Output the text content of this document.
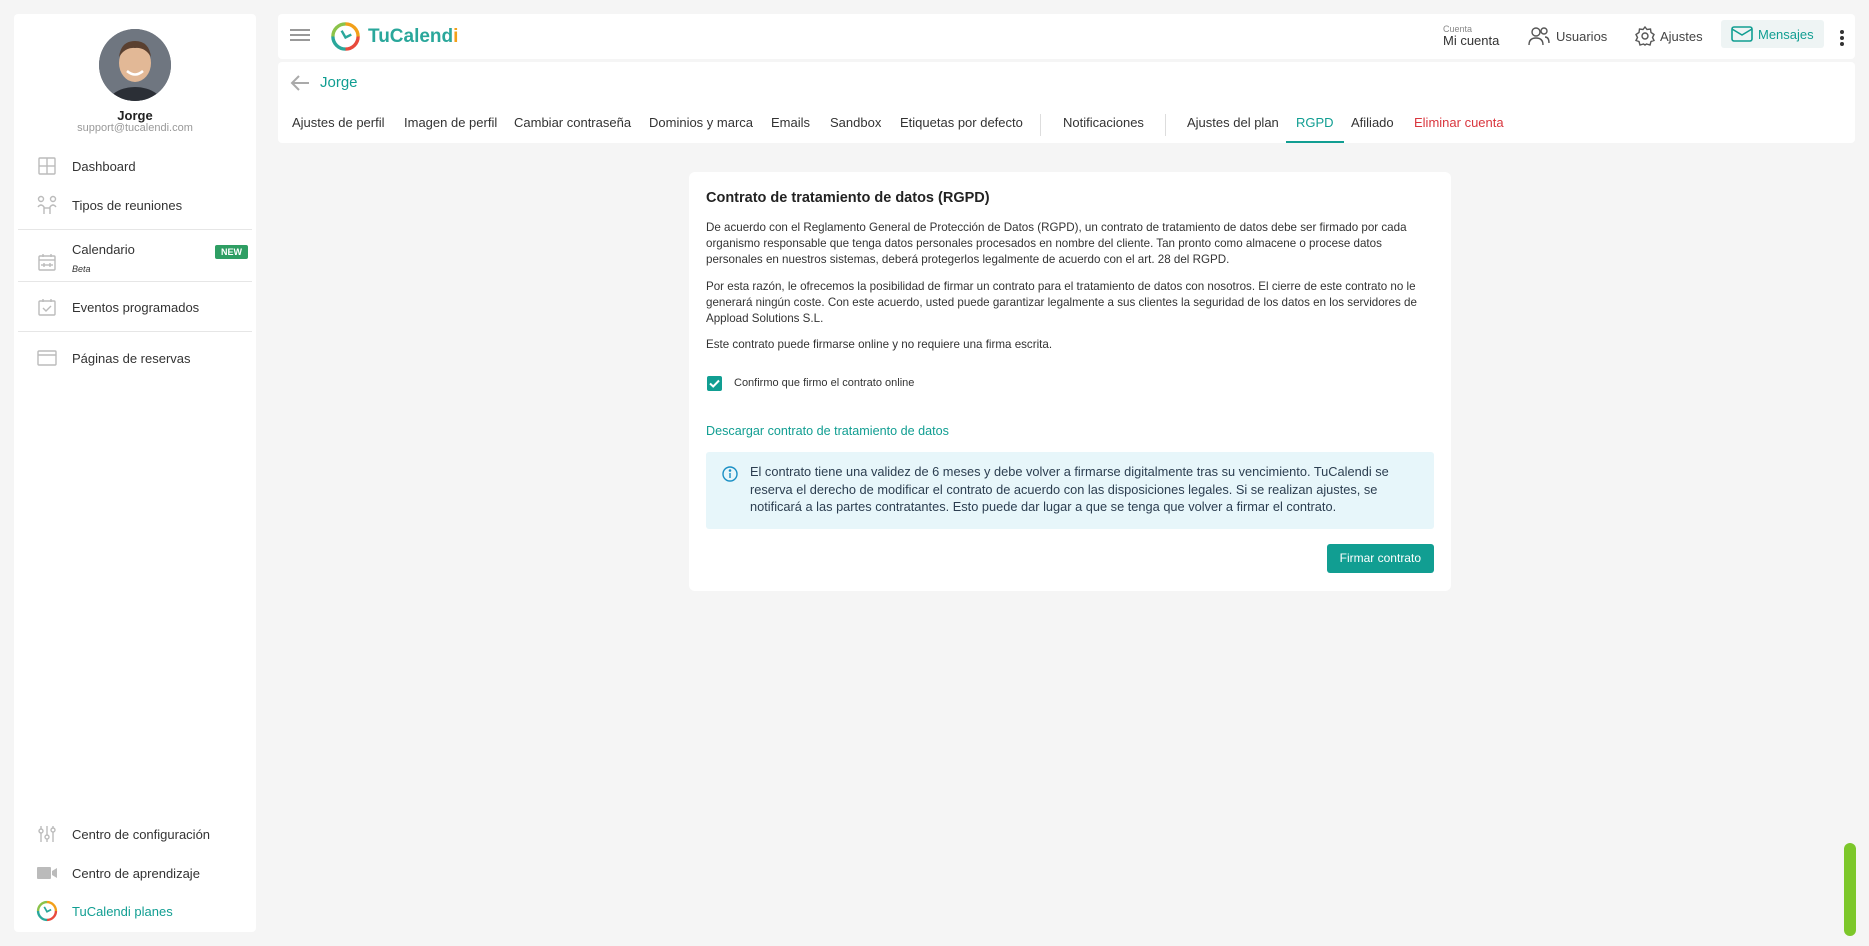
Jorge
support@tucalendi.com
Dashboard
Tipos de reuniones
Calendario
Beta
NEW
Eventos programados
Páginas de reservas
Centro de configuración
Centro de aprendizaje
TuCalendi planes
TuCalendi	Cuenta
Mi cuenta	Usuarios	Ajustes	Mensajes
Jorge
Ajustes de perfil Imagen de perfil Cambiar contraseña Dominios y marca Emails Sandbox Etiquetas por defecto	Notificaciones	Ajustes del plan	RGPD	Afiliado Eliminar cuenta
Contrato de tratamiento de datos (RGPD)

De acuerdo con el Reglamento General de Protección de Datos (RGPD), un contrato de tratamiento de datos debe ser firmado por cada organismo responsable que tenga datos personales procesados en nombre del cliente. Tan pronto como almacene o procese datos personales en nuestros sistemas, deberá protegerlos legalmente de acuerdo con el art. 28 del RGPD.

Por esta razón, le ofrecemos la posibilidad de firmar un contrato para el tratamiento de datos con nosotros. El cierre de este contrato no le generará ningún coste. Con este acuerdo, usted puede garantizar legalmente a sus clientes la seguridad de los datos en los servidores de Appload Solutions S.L.

Este contrato puede firmarse online y no requiere una firma escrita.

Confirmo que firmo el contrato online
Descargar contrato de tratamiento de datos
El contrato tiene una validez de 6 meses y debe volver a firmarse digitalmente tras su vencimiento. TuCalendi se reserva el derecho de modificar el contrato de acuerdo con las disposiciones legales. Si se realizan ajustes, se notificará a las partes contratantes. Esto puede dar lugar a que se tenga que volver a firmar el contrato.
Firmar contrato
